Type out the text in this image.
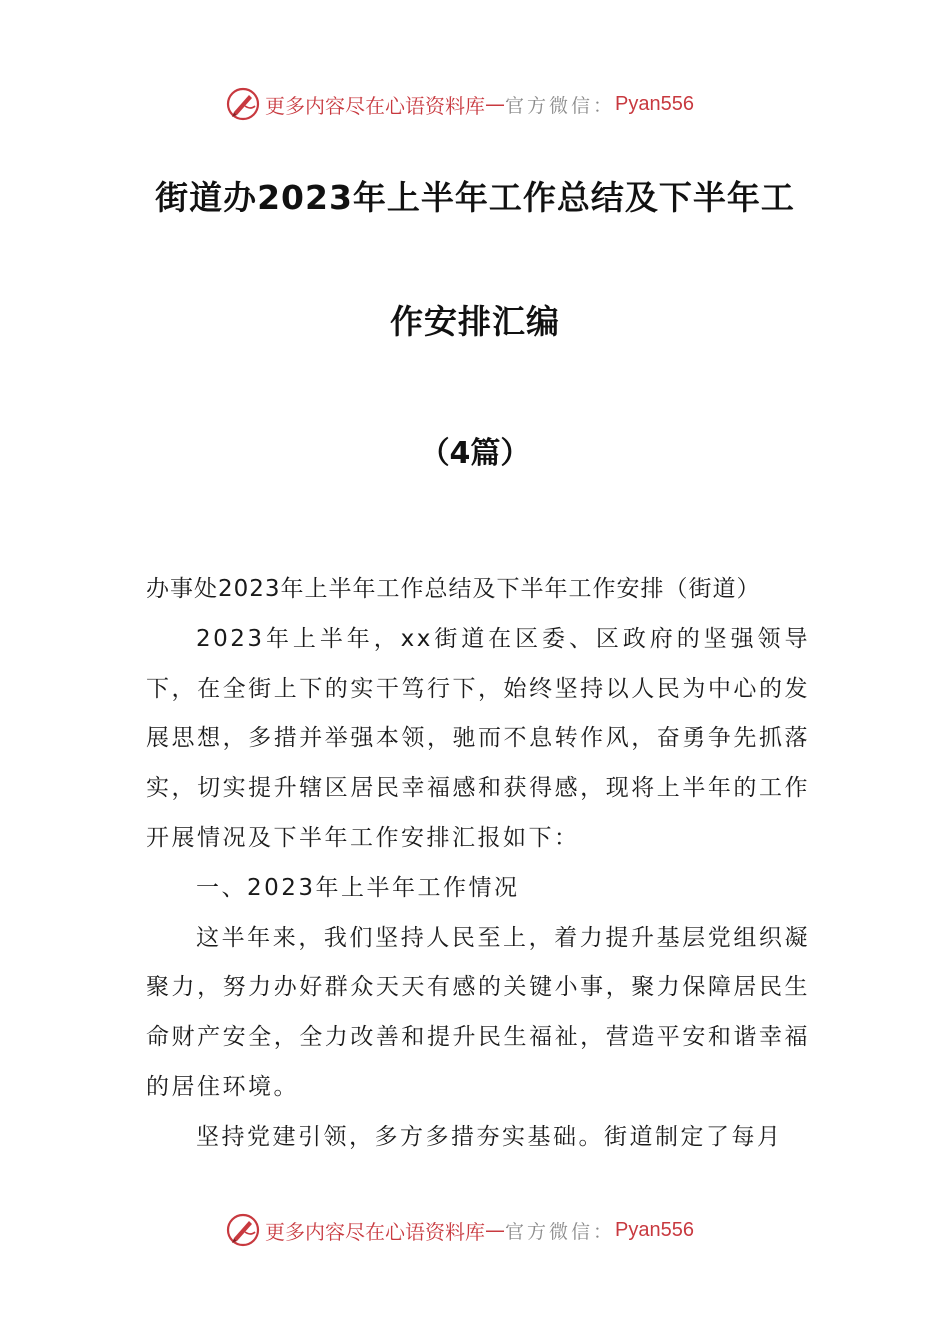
更多内容尽在心语资料库 — 官方微信： Pyan556
街道办2023年上半年工作总结及下半年工
作安排汇编
（4篇）

办事处2023年上半年工作总结及下半年工作安排（街道）

2023年上半年，xx街道在区委、区政府的坚强领导下，在全街上下的实干笃行下，始终坚持以人民为中心的发展思想，多措并举强本领，驰而不息转作风，奋勇争先抓落实，切实提升辖区居民幸福感和获得感，现将上半年的工作开展情况及下半年工作安排汇报如下：

一、2023年上半年工作情况

这半年来，我们坚持人民至上，着力提升基层党组织凝聚力，努力办好群众天天有感的关键小事，聚力保障居民生命财产安全，全力改善和提升民生福祉，营造平安和谐幸福的居住环境。

坚持党建引领，多方多措夯实基础。街道制定了每月

更多内容尽在心语资料库 — 官方微信： Pyan556
